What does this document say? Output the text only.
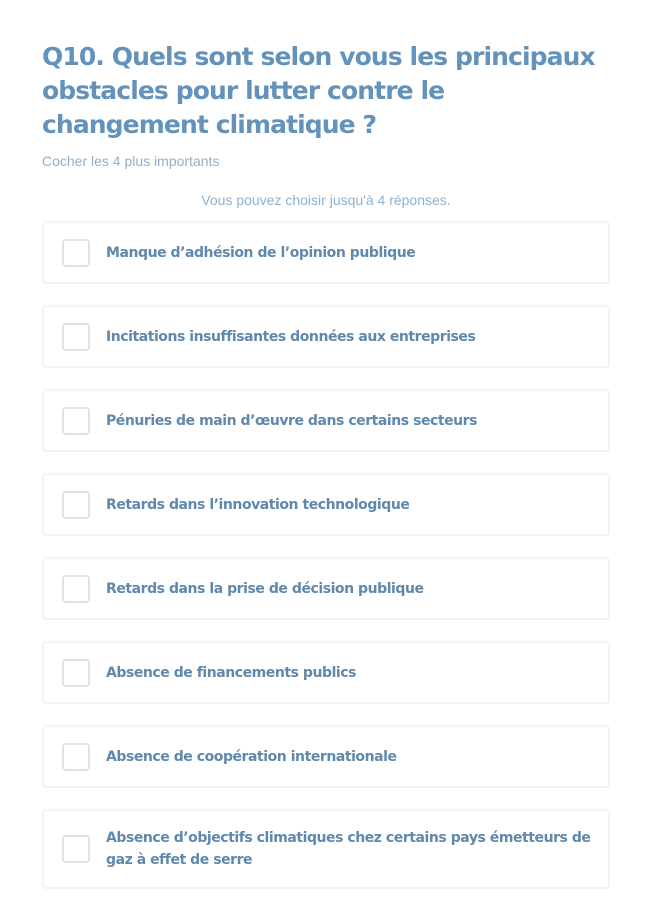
Q10. Quels sont selon vous les principaux obstacles pour lutter contre le changement climatique ?
Cocher les 4 plus importants
Vous pouvez choisir jusqu'à 4 réponses.
Manque d’adhésion de l’opinion publique
Incitations insuffisantes données aux entreprises
Pénuries de main d’œuvre dans certains secteurs
Retards dans l’innovation technologique
Retards dans la prise de décision publique
Absence de financements publics
Absence de coopération internationale
Absence d’objectifs climatiques chez certains pays émetteurs de gaz à effet de serre
